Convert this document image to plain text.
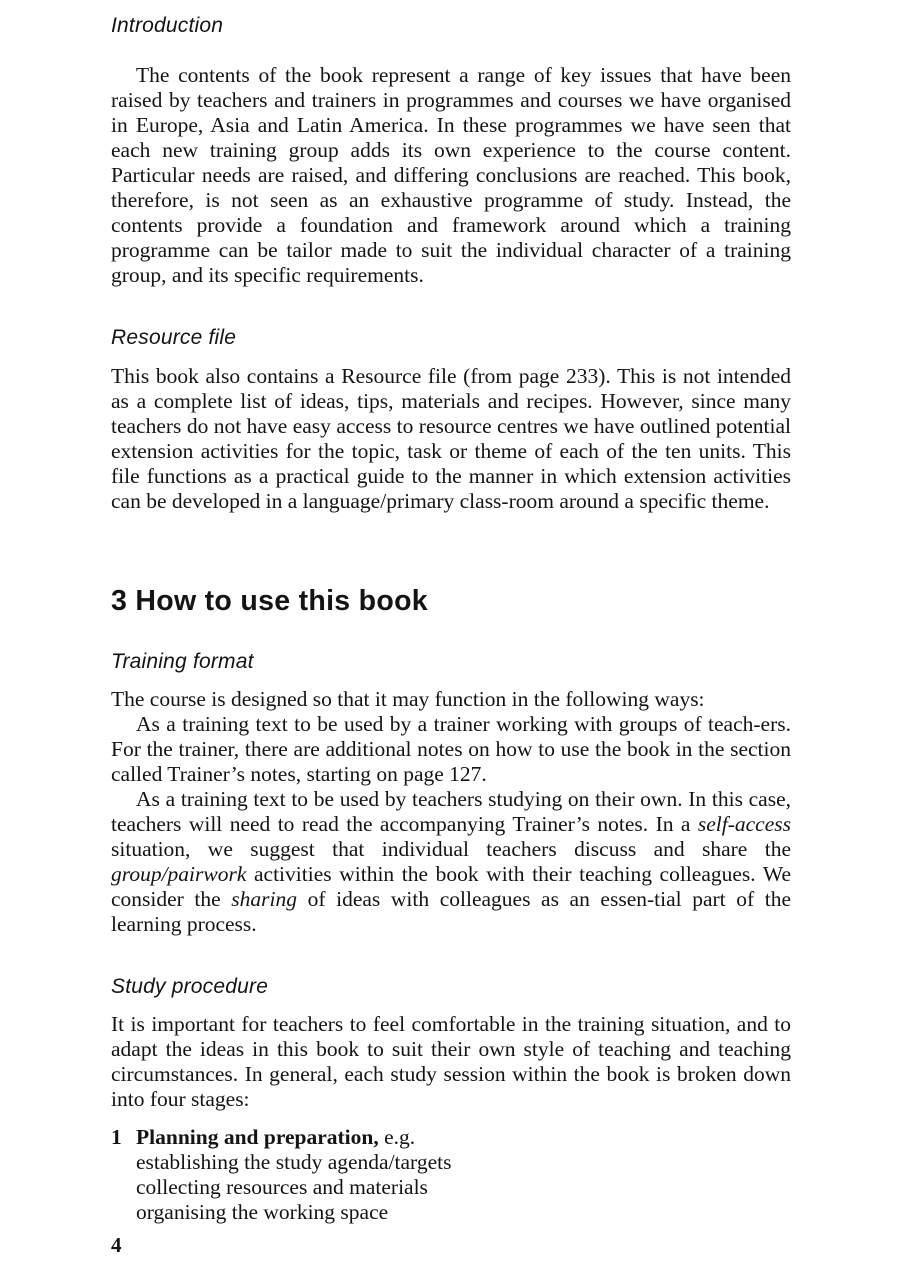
Introduction

The contents of the book represent a range of key issues that have been raised by teachers and trainers in programmes and courses we have organised in Europe, Asia and Latin America. In these programmes we have seen that each new training group adds its own experience to the course content. Particular needs are raised, and differing conclusions are reached. This book, therefore, is not seen as an exhaustive programme of study. Instead, the contents provide a foundation and framework around which a training programme can be tailor made to suit the individual character of a training group, and its specific requirements.

Resource file

This book also contains a Resource file (from page 233). This is not intended as a complete list of ideas, tips, materials and recipes. However, since many teachers do not have easy access to resource centres we have outlined potential extension activities for the topic, task or theme of each of the ten units. This file functions as a practical guide to the manner in which extension activities can be developed in a language/primary class-room around a specific theme.

3 How to use this book
Training format

The course is designed so that it may function in the following ways:

As a training text to be used by a trainer working with groups of teach-ers. For the trainer, there are additional notes on how to use the book in the section called Trainer’s notes, starting on page 127.

As a training text to be used by teachers studying on their own. In this case, teachers will need to read the accompanying Trainer’s notes. In a self-access situation, we suggest that individual teachers discuss and share the group/pairwork activities within the book with their teaching colleagues. We consider the sharing of ideas with colleagues as an essen-tial part of the learning process.

Study procedure

It is important for teachers to feel comfortable in the training situation, and to adapt the ideas in this book to suit their own style of teaching and teaching circumstances. In general, each study session within the book is broken down into four stages:

1 Planning and preparation, e.g.
establishing the study agenda/targets
collecting resources and materials
organising the working space
4
